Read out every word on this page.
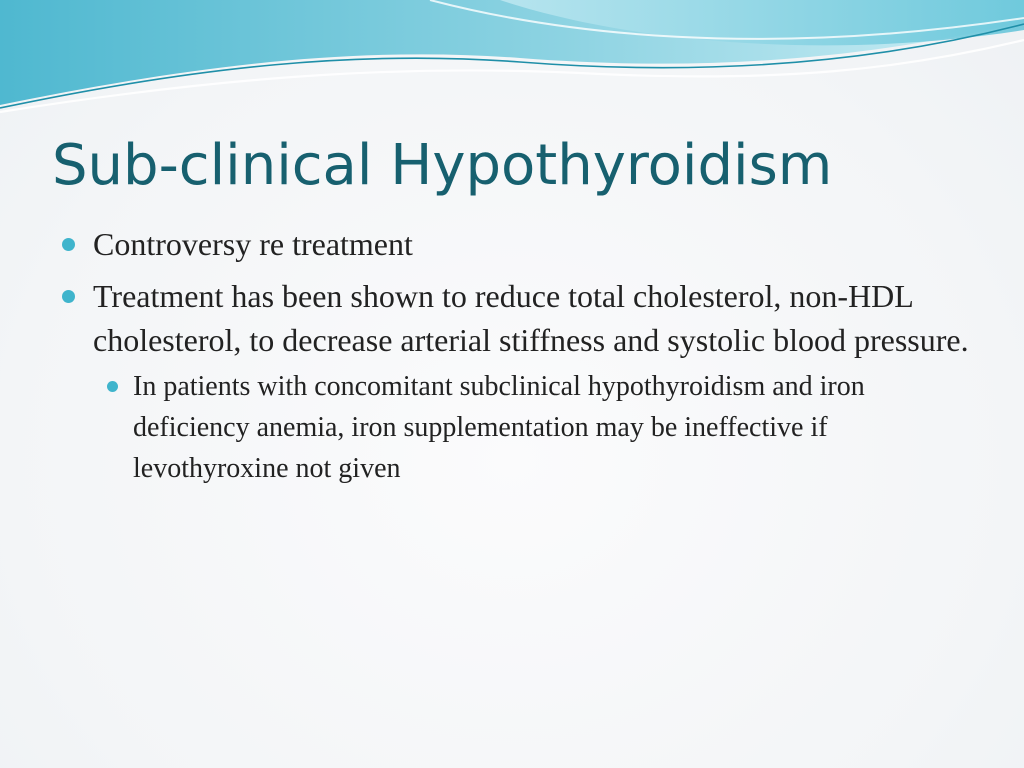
Sub-clinical Hypothyroidism
Controversy re treatment
Treatment has been shown to reduce total cholesterol, non-HDL cholesterol, to decrease arterial stiffness and systolic blood pressure.
In patients with concomitant subclinical hypothyroidism and iron deficiency anemia, iron supplementation may be ineffective if levothyroxine not given
